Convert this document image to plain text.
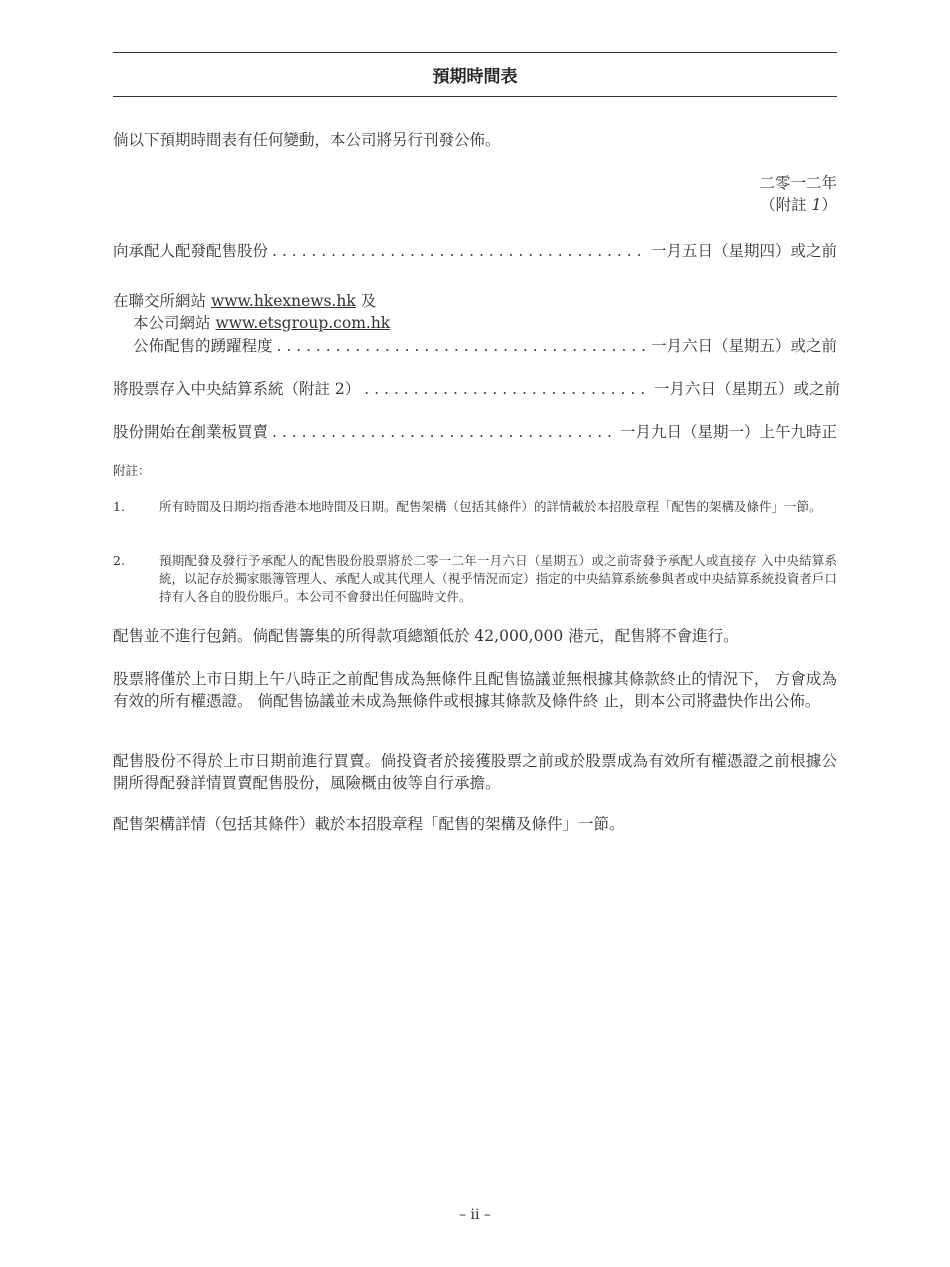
預期時間表
倘以下預期時間表有任何變動，本公司將另行刊發公佈。
二零一二年
（附註 1）
向承配人配發配售股份 . . .	一月五日（星期四）或之前
在聯交所網站 www.hkexnews.hk 及
本公司網站 www.etsgroup.com.hk
公佈配售的踴躍程度 . . .	一月六日（星期五）或之前
將股票存入中央結算系統（附註 2） . . .	一月六日（星期五）或之前
股份開始在創業板買賣 . . .	一月九日（星期一）上午九時正
附註：
1.	所有時間及日期均指香港本地時間及日期。配售架構（包括其條件）的詳情載於本招股章程「配售的架構及條件」一節。
2.	預期配發及發行予承配人的配售股份股票將於二零一二年一月六日（星期五）或之前寄發予承配人或直接存 入中央結算系統，以記存於獨家賬簿管理人、承配人或其代理人（視乎情況而定）指定的中央結算系統參與者或中央結算系統投資者戶口持有人各自的股份賬戶。本公司不會發出任何臨時文件。
配售並不進行包銷。倘配售籌集的所得款項總額低於 42,000,000 港元，配售將不會進行。
股票將僅於上市日期上午八時正之前配售成為無條件且配售協議並無根據其條款終止的情況下， 方會成為有效的所有權憑證。 倘配售協議並未成為無條件或根據其條款及條件終 止，則本公司將盡快作出公佈。
配售股份不得於上市日期前進行買賣。倘投資者於接獲股票之前或於股票成為有效所有權憑證之前根據公開所得配發詳情買賣配售股份，風險概由彼等自行承擔。
配售架構詳情（包括其條件）載於本招股章程「配售的架構及條件」一節。
– ii –
